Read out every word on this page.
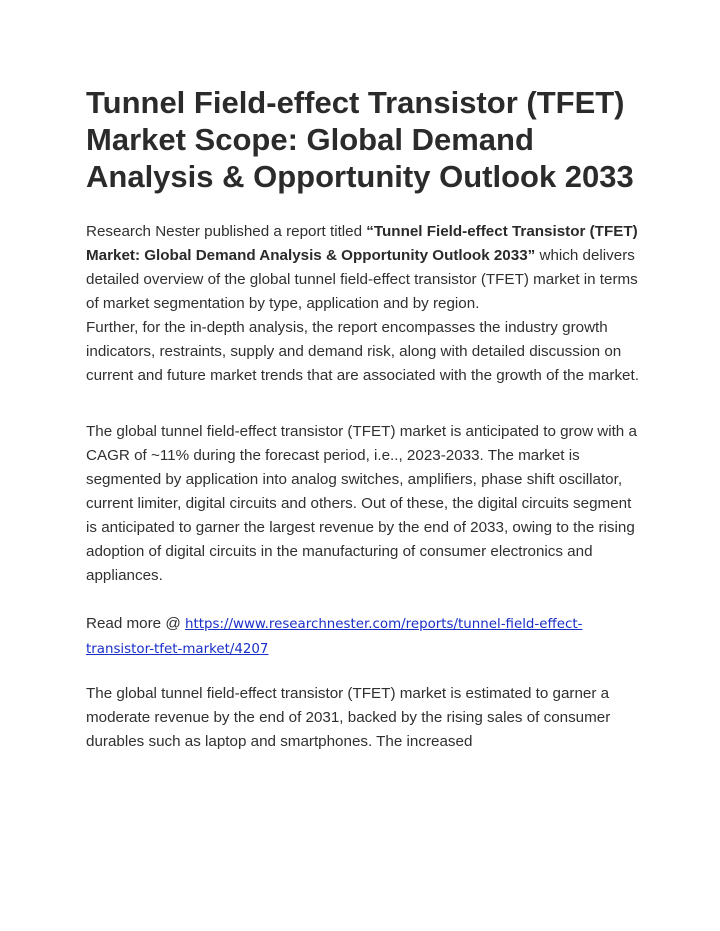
Tunnel Field-effect Transistor (TFET) Market Scope: Global Demand Analysis & Opportunity Outlook 2033

Research Nester published a report titled “Tunnel Field-effect Transistor (TFET) Market: Global Demand Analysis & Opportunity Outlook 2033” which delivers detailed overview of the global tunnel field-effect transistor (TFET) market in terms of market segmentation by type, application and by region.

Further, for the in-depth analysis, the report encompasses the industry growth indicators, restraints, supply and demand risk, along with detailed discussion on current and future market trends that are associated with the growth of the market.

The global tunnel field-effect transistor (TFET) market is anticipated to grow with a CAGR of ~11% during the forecast period, i.e.., 2023-2033. The market is segmented by application into analog switches, amplifiers, phase shift oscillator, current limiter, digital circuits and others. Out of these, the digital circuits segment is anticipated to garner the largest revenue by the end of 2033, owing to the rising adoption of digital circuits in the manufacturing of consumer electronics and appliances.

Read more @ https://www.researchnester.com/reports/tunnel-field-effect-transistor-tfet-market/4207

The global tunnel field-effect transistor (TFET) market is estimated to garner a moderate revenue by the end of 2031, backed by the rising sales of consumer durables such as laptop and smartphones. The increased
